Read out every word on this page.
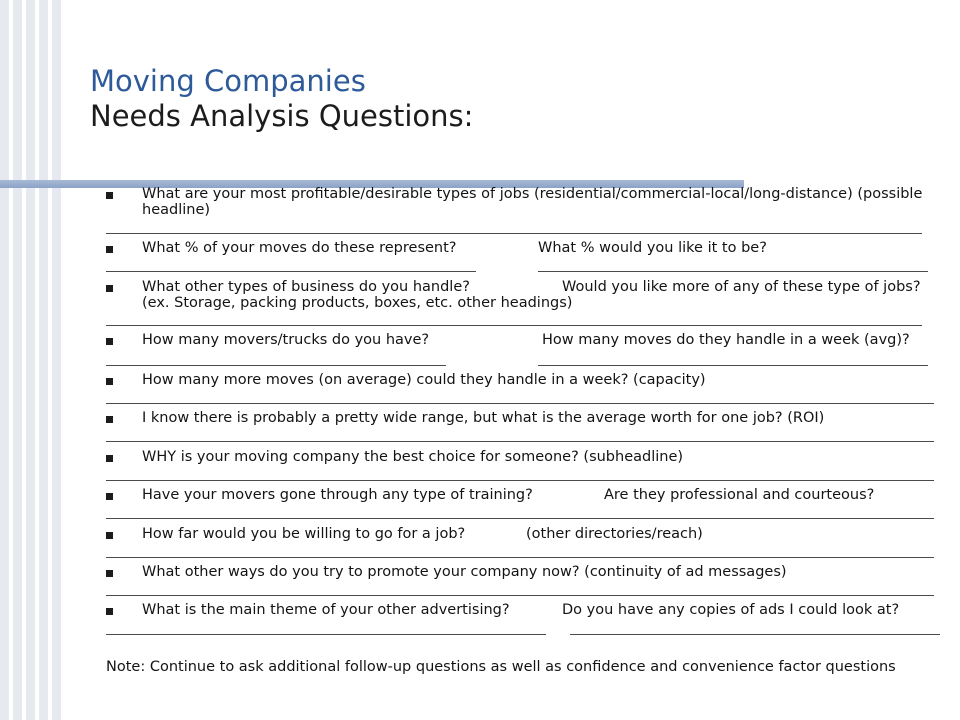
Moving Companies
Needs Analysis Questions:
What are your most profitable/desirable types of jobs (residential/commercial-local/long-distance) (possible headline)
What % of your moves do these represent?	What % would you like it to be?
What other types of business do you handle?	Would you like more of any of these type of jobs? (ex. Storage, packing products, boxes, etc. other headings)
How many movers/trucks do you have?	How many moves do they handle in a week (avg)?
How many more moves (on average) could they handle in a week? (capacity)
I know there is probably a pretty wide range, but what is the average worth for one job? (ROI)
WHY is your moving company the best choice for someone? (subheadline)
Have your movers gone through any type of training?	Are they professional and courteous?
How far would you be willing to go for a job?	(other directories/reach)
What other ways do you try to promote your company now? (continuity of ad messages)
What is the main theme of your other advertising?	Do you have any copies of ads I could look at?
Note: Continue to ask additional follow-up questions as well as confidence and convenience factor questions
